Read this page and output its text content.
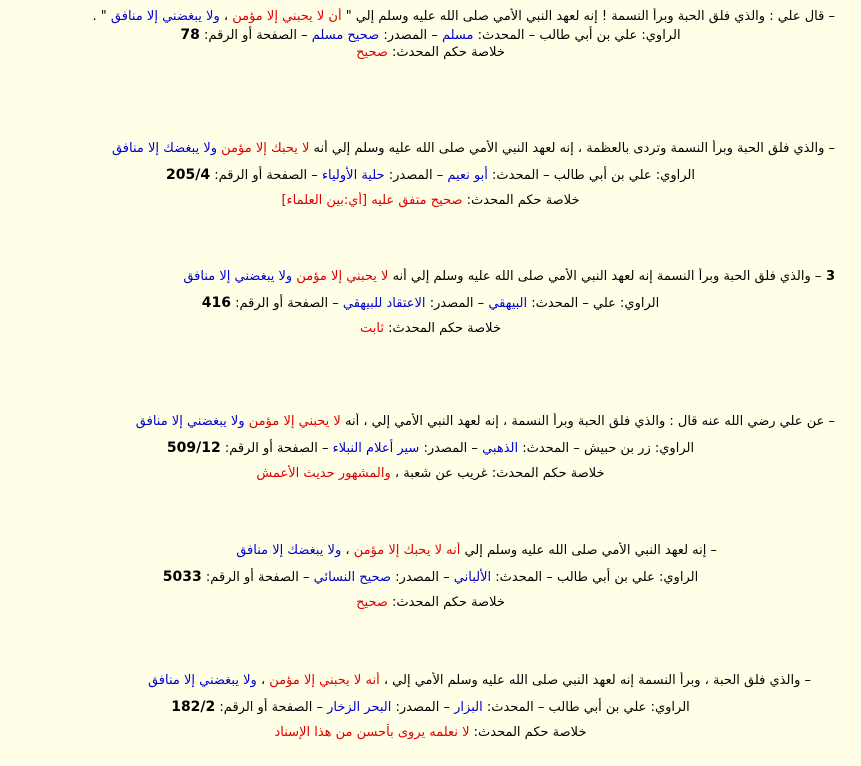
– قال علي : والذي فلق الحبة وبرأ النسمة ! إنه لعهد النبي الأمي صلى الله عليه وسلم إلي " أن لا يحبني إلا مؤمن ، ولا يبغضني إلا منافق " .
الراوي: علي بن أبي طالب – المحدث: مسلم – المصدر: صحيح مسلم – الصفحة أو الرقم: 78
خلاصة حكم المحدث: صحيح
– والذي فلق الحبة وبرأ النسمة وتردى بالعظمة ، إنه لعهد النبي الأمي صلى الله عليه وسلم إلي أنه لا يحبك إلا مؤمن ولا يبغضك إلا منافق
الراوي: علي بن أبي طالب – المحدث: أبو نعيم – المصدر: حلية الأولياء – الصفحة أو الرقم: 205/4
خلاصة حكم المحدث: صحيح متفق عليه [أي:بين العلماء]
3 – والذي فلق الحبة وبرأ النسمة إنه لعهد النبي الأمي صلى الله عليه وسلم إلي أنه لا يحبني إلا مؤمن ولا يبغضني إلا منافق
الراوي: علي – المحدث: البيهقي – المصدر: الاعتقاد للبيهقي – الصفحة أو الرقم: 416
خلاصة حكم المحدث: ثابت
– عن علي رضي الله عنه قال : والذي فلق الحبة وبرأ النسمة ، إنه لعهد النبي الأمي إلي ، أنه لا يحبني إلا مؤمن ولا يبغضني إلا منافق
الراوي: زر بن حبيش – المحدث: الذهبي – المصدر: سير أعلام النبلاء – الصفحة أو الرقم: 509/12
خلاصة حكم المحدث: غريب عن شعبة ، والمشهور حديث الأعمش
– إنه لعهد النبي الأمي صلى الله عليه وسلم إلي أنه لا يحبك إلا مؤمن ، ولا يبغضك إلا منافق
الراوي: علي بن أبي طالب – المحدث: الألباني – المصدر: صحيح النسائي – الصفحة أو الرقم: 5033
خلاصة حكم المحدث: صحيح
– والذي فلق الحبة ، وبرأ النسمة إنه لعهد النبي صلى الله عليه وسلم الأمي إلي ، أنه لا يحبني إلا مؤمن ، ولا يبغضني إلا منافق
الراوي: علي بن أبي طالب – المحدث: البزار – المصدر: البحر الزخار – الصفحة أو الرقم: 182/2
خلاصة حكم المحدث: لا نعلمه يروى بأحسن من هذا الإسناد
